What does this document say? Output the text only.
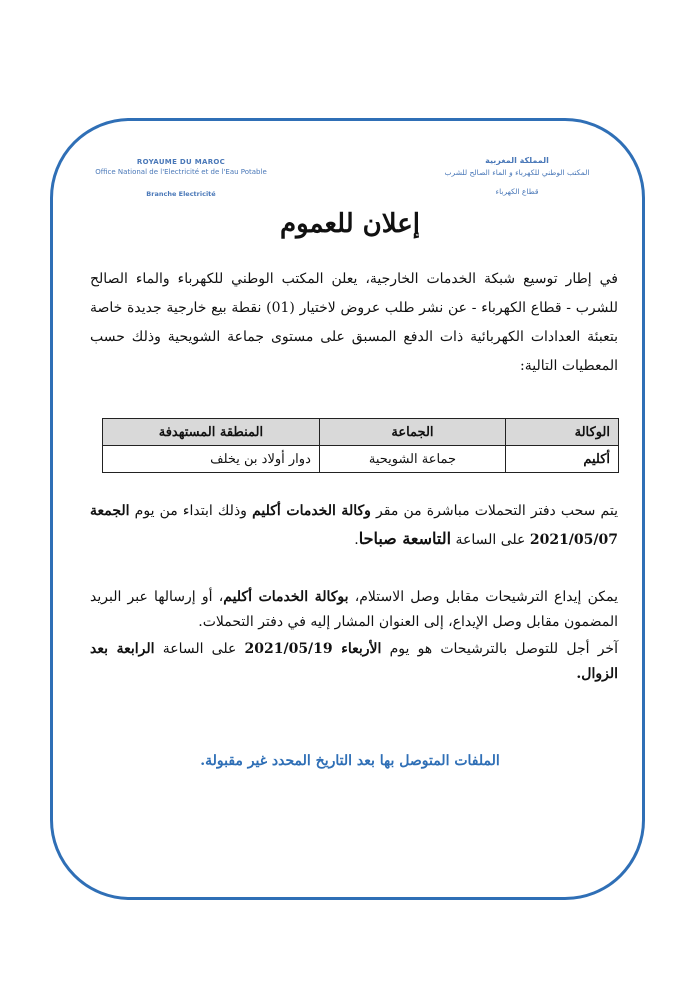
ROYAUME DU MAROC
Office National de l'Electricité et de l'Eau Potable
Branche Electricité
المملكة المغربية
المكتب الوطني للكهرباء و الماء الصالح للشرب
قطاع الكهرباء
إعلان للعموم
في إطار توسيع شبكة الخدمات الخارجية، يعلن المكتب الوطني للكهرباء والماء الصالح للشرب - قطاع الكهرباء - عن نشر طلب عروض لاختيار (01) نقطة بيع خارجية جديدة خاصة بتعبئة العدادات الكهربائية ذات الدفع المسبق على مستوى جماعة الشويحية وذلك حسب المعطيات التالية:
الوكالة	الجماعة	المنطقة المستهدفة
أكليم	جماعة الشويحية	دوار أولاد بن يخلف
يتم سحب دفتر التحملات مباشرة من مقر وكالة الخدمات أكليم وذلك ابتداء من يوم الجمعة 2021/05/07 على الساعة التاسعة صباحا.
يمكن إيداع الترشيحات مقابل وصل الاستلام، بوكالة الخدمات أكليم، أو إرسالها عبر البريد المضمون مقابل وصل الإيداع، إلى العنوان المشار إليه في دفتر التحملات.
آخر أجل للتوصل بالترشيحات هو يوم الأربعاء 2021/05/19 على الساعة الرابعة بعد الزوال.
الملفات المتوصل بها بعد التاريخ المحدد غير مقبولة.
